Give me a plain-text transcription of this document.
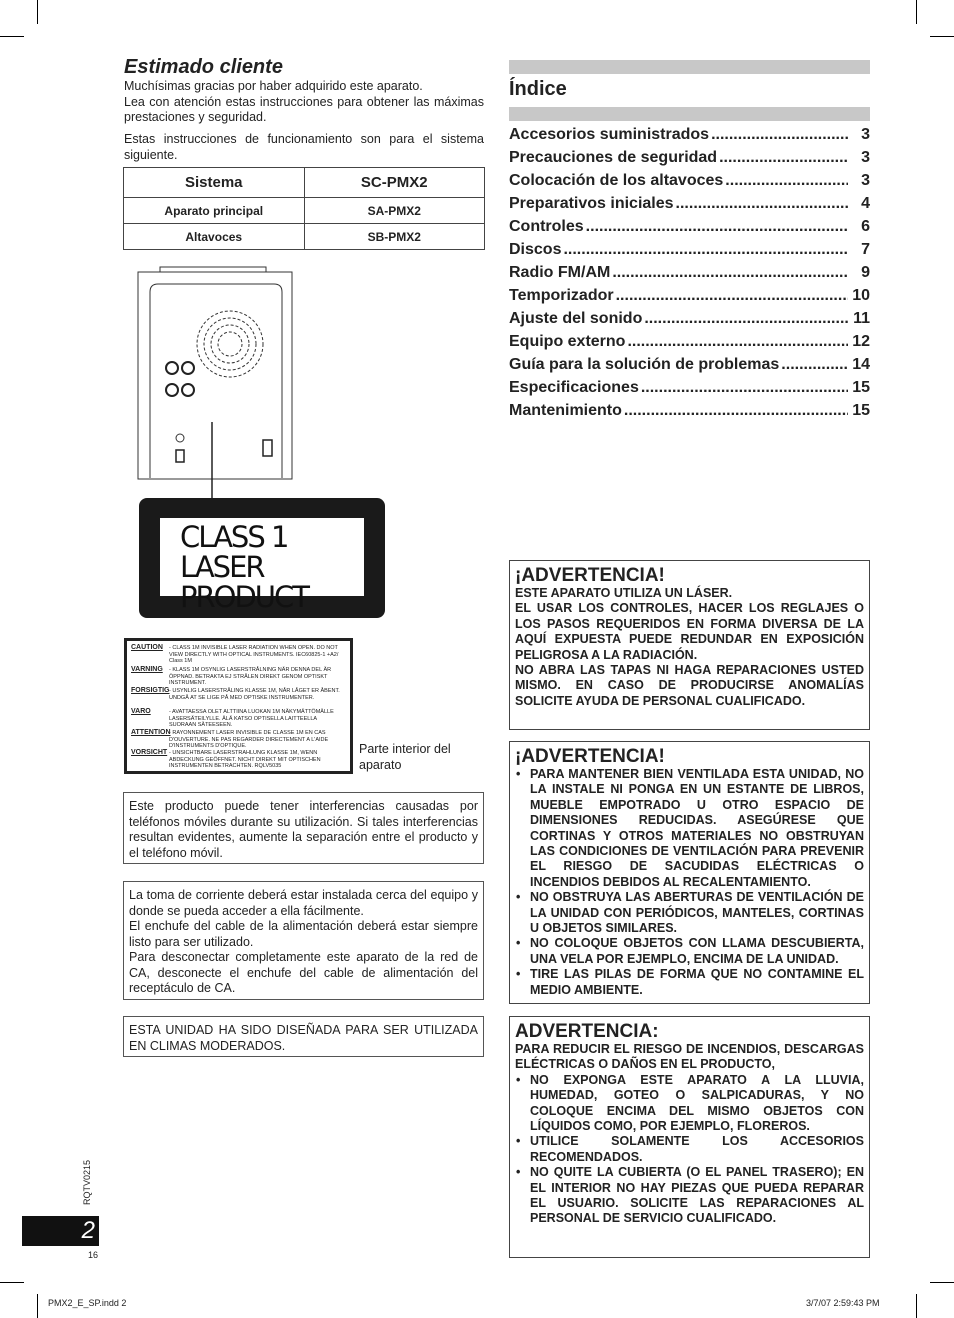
Estimado cliente
Muchísimas gracias por haber adquirido este aparato.
Lea con atención estas instrucciones para obtener las máximas prestaciones y seguridad.
Estas instrucciones de funcionamiento son para el sistema siguiente.
Sistema	SC-PMX2
Aparato principal	SA-PMX2
Altavoces	SB-PMX2
CLASS 1
LASER PRODUCT
CAUTION - CLASS 1M INVISIBLE LASER RADIATION WHEN OPEN. DO NOT VIEW DIRECTLY WITH OPTICAL INSTRUMENTS. IEC60825-1 +A2/ Class 1M
VARNING - KLASS 1M OSYNLIG LASERSTRÅLNING NÄR DENNA DEL ÄR ÖPPNAD. BETRAKTA EJ STRÅLEN DIREKT GENOM OPTISKT INSTRUMENT.
FORSIGTIG- USYNLIG LASERSTRÅLING KLASSE 1M, NÅR LÅGET ER ÅBENT. UNDGÅ AT SE LIGE PÅ MED OPTISKE INSTRUMENTER.
VARO	- AVATTAESSA OLET ALTTIINA LUOKAN 1M NÄKYMÄTTÖMÄLLE LASERSÄTEILYLLE. ÄLÄ KATSO OPTISELLA LAITTEELLA SUORAAN SÄTEESEEN.
ATTENTION- RAYONNEMENT LASER INVISIBLE DE CLASSE 1M EN CAS D'OUVERTURE. NE PAS REGARDER DIRECTEMENT A L'AIDE D'INSTRUMENTS D'OPTIQUE.
VORSICHT - UNSICHTBARE LASERSTRAHLUNG KLASSE 1M, WENN ABDECKUNG GEÖFFNET. NICHT DIREKT MIT OPTISCHEN INSTRUMENTEN BETRACHTEN. RQLV5035
Parte interior del aparato
Este producto puede tener interferencias causadas por teléfonos móviles durante su utilización. Si tales interferencias resultan evidentes, aumente la separación entre el producto y el teléfono móvil.
La toma de corriente deberá estar instalada cerca del equipo y donde se pueda acceder a ella fácilmente.
El enchufe del cable de la alimentación deberá estar siempre listo para ser utilizado.
Para desconectar completamente este aparato de la red de CA, desconecte el enchufe del cable de alimentación del receptáculo de CA.
ESTA UNIDAD HA SIDO DISEÑADA PARA SER UTILIZADA EN CLIMAS MODERADOS.
Índice
Accesorios suministrados .....	3
Precauciones de seguridad .....	3
Colocación de los altavoces .....	3
Preparativos iniciales .....	4
Controles .....	6
Discos .....	7
Radio FM/AM .....	9
Temporizador .....	10
Ajuste del sonido .....	11
Equipo externo .....	12
Guía para la solución de problemas .....	14
Especificaciones .....	15
Mantenimiento .....	15
¡ADVERTENCIA!

ESTE APARATO UTILIZA UN LÁSER.

EL USAR LOS CONTROLES, HACER LOS REGLAJES O LOS PASOS REQUERIDOS EN FORMA DIVERSA DE LA AQUÍ EXPUESTA PUEDE REDUNDAR EN EXPOSICIÓN PELIGROSA A LA RADIACIÓN.

NO ABRA LAS TAPAS NI HAGA REPARACIONES USTED MISMO. EN CASO DE PRODUCIRSE ANOMALÍAS SOLICITE AYUDA DE PERSONAL CUALIFICADO.

¡ADVERTENCIA!
• PARA MANTENER BIEN VENTILADA ESTA UNIDAD, NO LA INSTALE NI PONGA EN UN ESTANTE DE LIBROS, MUEBLE EMPOTRADO U OTRO ESPACIO DE DIMENSIONES REDUCIDAS. ASEGÚRESE QUE CORTINAS Y OTROS MATERIALES NO OBSTRUYAN LAS CONDICIONES DE VENTILACIÓN PARA PREVENIR EL RIESGO DE SACUDIDAS ELÉCTRICAS O INCENDIOS DEBIDOS AL RECALENTAMIENTO.
• NO OBSTRUYA LAS ABERTURAS DE VENTILACIÓN DE LA UNIDAD CON PERIÓDICOS, MANTELES, CORTINAS U OBJETOS SIMILARES.
• NO COLOQUE OBJETOS CON LLAMA DESCUBIERTA, UNA VELA POR EJEMPLO, ENCIMA DE LA UNIDAD.
• TIRE LAS PILAS DE FORMA QUE NO CONTAMINE EL MEDIO AMBIENTE.
ADVERTENCIA:

PARA REDUCIR EL RIESGO DE INCENDIOS, DESCARGAS ELÉCTRICAS O DAÑOS EN EL PRODUCTO,

• NO EXPONGA ESTE APARATO A LA LLUVIA, HUMEDAD, GOTEO O SALPICADURAS, Y NO COLOQUE ENCIMA DEL MISMO OBJETOS CON LÍQUIDOS COMO, POR EJEMPLO, FLOREROS.
• UTILICE SOLAMENTE LOS ACCESORIOS RECOMENDADOS.
• NO QUITE LA CUBIERTA (O EL PANEL TRASERO); EN EL INTERIOR NO HAY PIEZAS QUE PUEDA REPARAR EL USUARIO. SOLICITE LAS REPARACIONES AL PERSONAL DE SERVICIO CUALIFICADO.
RQTV0215
2
16
PMX2_E_SP.indd 2	3/7/07 2:59:43 PM
